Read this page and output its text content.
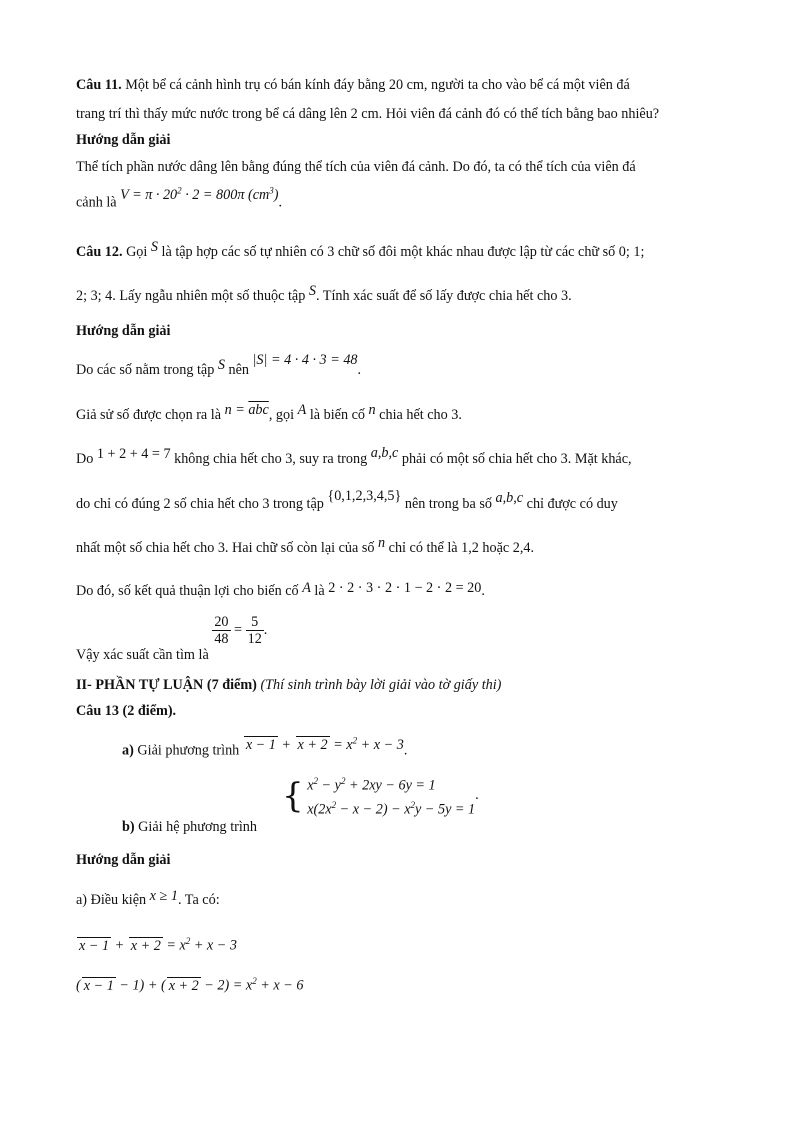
Câu 11. Một bể cá cảnh hình trụ có bán kính đáy bằng 20 cm, người ta cho vào bể cá một viên đá
trang trí thì thấy mức nước trong bể cá dâng lên 2 cm. Hỏi viên đá cảnh đó có thể tích bằng bao nhiêu?
Hướng dẫn giải
Thể tích phần nước dâng lên bằng đúng thể tích của viên đá cảnh. Do đó, ta có thể tích của viên đá
cảnh là $V = \pi \cdot 20^2 \cdot 2 = 800\pi$ $(cm^3)$.
Câu 12. Gọi S là tập hợp các số tự nhiên có 3 chữ số đôi một khác nhau được lập từ các chữ số 0; 1;
2; 3; 4. Lấy ngẫu nhiên một số thuộc tập S. Tính xác suất để số lấy được chia hết cho 3.
Hướng dẫn giải
Do các số nằm trong tập S nên |S| = 4 · 4 · 3 = 48.
Giả sử số được chọn ra là $n = \overline{abc}$, gọi A là biến cố n chia hết cho 3.
Do 1 + 2 + 4 = 7 không chia hết cho 3, suy ra trong a,b,c phải có một số chia hết cho 3. Mặt khác,
do chỉ có đúng 2 số chia hết cho 3 trong tập {0,1,2,3,4,5} nên trong ba số a,b,c chỉ được có duy
nhất một số chia hết cho 3. Hai chữ số còn lại của số n chỉ có thể là 1,2 hoặc 2,4.
Do đó, số kết quả thuận lợi cho biến cố A là 2 · 2 · 3 · 2 · 1 − 2 · 2 = 20.
Vậy xác suất cần tìm là
$\frac{20}{48} = \frac{5}{12}$ .
II- PHẦN TỰ LUẬN (7 điểm) (Thí sinh trình bày lời giải vào tờ giấy thi)
Câu 13 (2 điểm).
a) Giải phương trình $x - 1 + x + 2 = x^2 + x - 3$.
b) Giải hệ phương trình
{ $x^2 - y^2 + 2xy - 6y = 1$
$x(2x^2 - x - 2) - x^2y - 5y = 1$.
Hướng dẫn giải
a) Điều kiện x ≥ 1. Ta có:
$x - 1 + x + 2 = x^2 + x - 3$
( x − 1 − 1) + ( $x + 2 - 2) = x^2 + x - 6$
